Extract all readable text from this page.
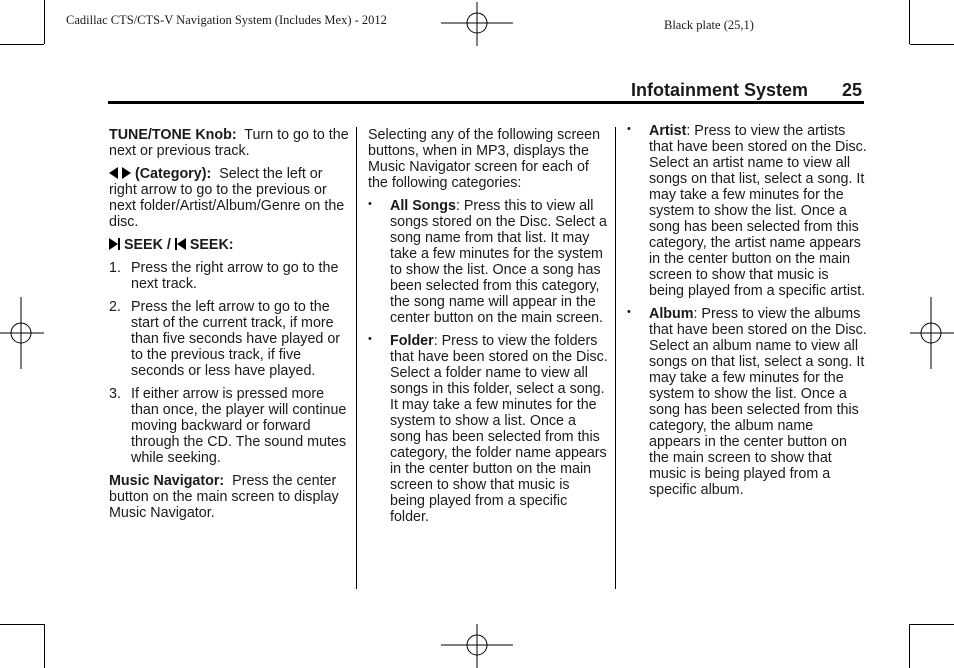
Cadillac CTS/CTS-V Navigation System (Includes Mex) - 2012	Black plate (25,1)
Infotainment System 25

TUNE/TONE Knob: Turn to go to the next or previous track.

(Category): Select the left or right arrow to go to the previous or next folder/Artist/Album/Genre on the disc.

SEEK / SEEK:

1. Press the right arrow to go to the next track.
2. Press the left arrow to go to the start of the current track, if more than five seconds have played or to the previous track, if five seconds or less have played.
3. If either arrow is pressed more than once, the player will continue moving backward or forward through the CD. The sound mutes while seeking.

Music Navigator: Press the center button on the main screen to display Music Navigator.

Selecting any of the following screen buttons, when in MP3, displays the Music Navigator screen for each of the following categories:

•	All Songs: Press this to view all songs stored on the Disc. Select a song name from that list. It may take a few minutes for the system to show the list. Once a song has been selected from this category, the song name will appear in the center button on the main screen.
•	Folder: Press to view the folders that have been stored on the Disc. Select a folder name to view all songs in this folder, select a song. It may take a few minutes for the system to show a list. Once a song has been selected from this category, the folder name appears in the center button on the main screen to show that music is being played from a specific folder.
•	Artist: Press to view the artists that have been stored on the Disc. Select an artist name to view all songs on that list, select a song. It may take a few minutes for the system to show the list. Once a song has been selected from this category, the artist name appears in the center button on the main screen to show that music is being played from a specific artist.
•	Album: Press to view the albums that have been stored on the Disc. Select an album name to view all songs on that list, select a song. It may take a few minutes for the system to show the list. Once a song has been selected from this category, the album name appears in the center button on the main screen to show that music is being played from a specific album.
